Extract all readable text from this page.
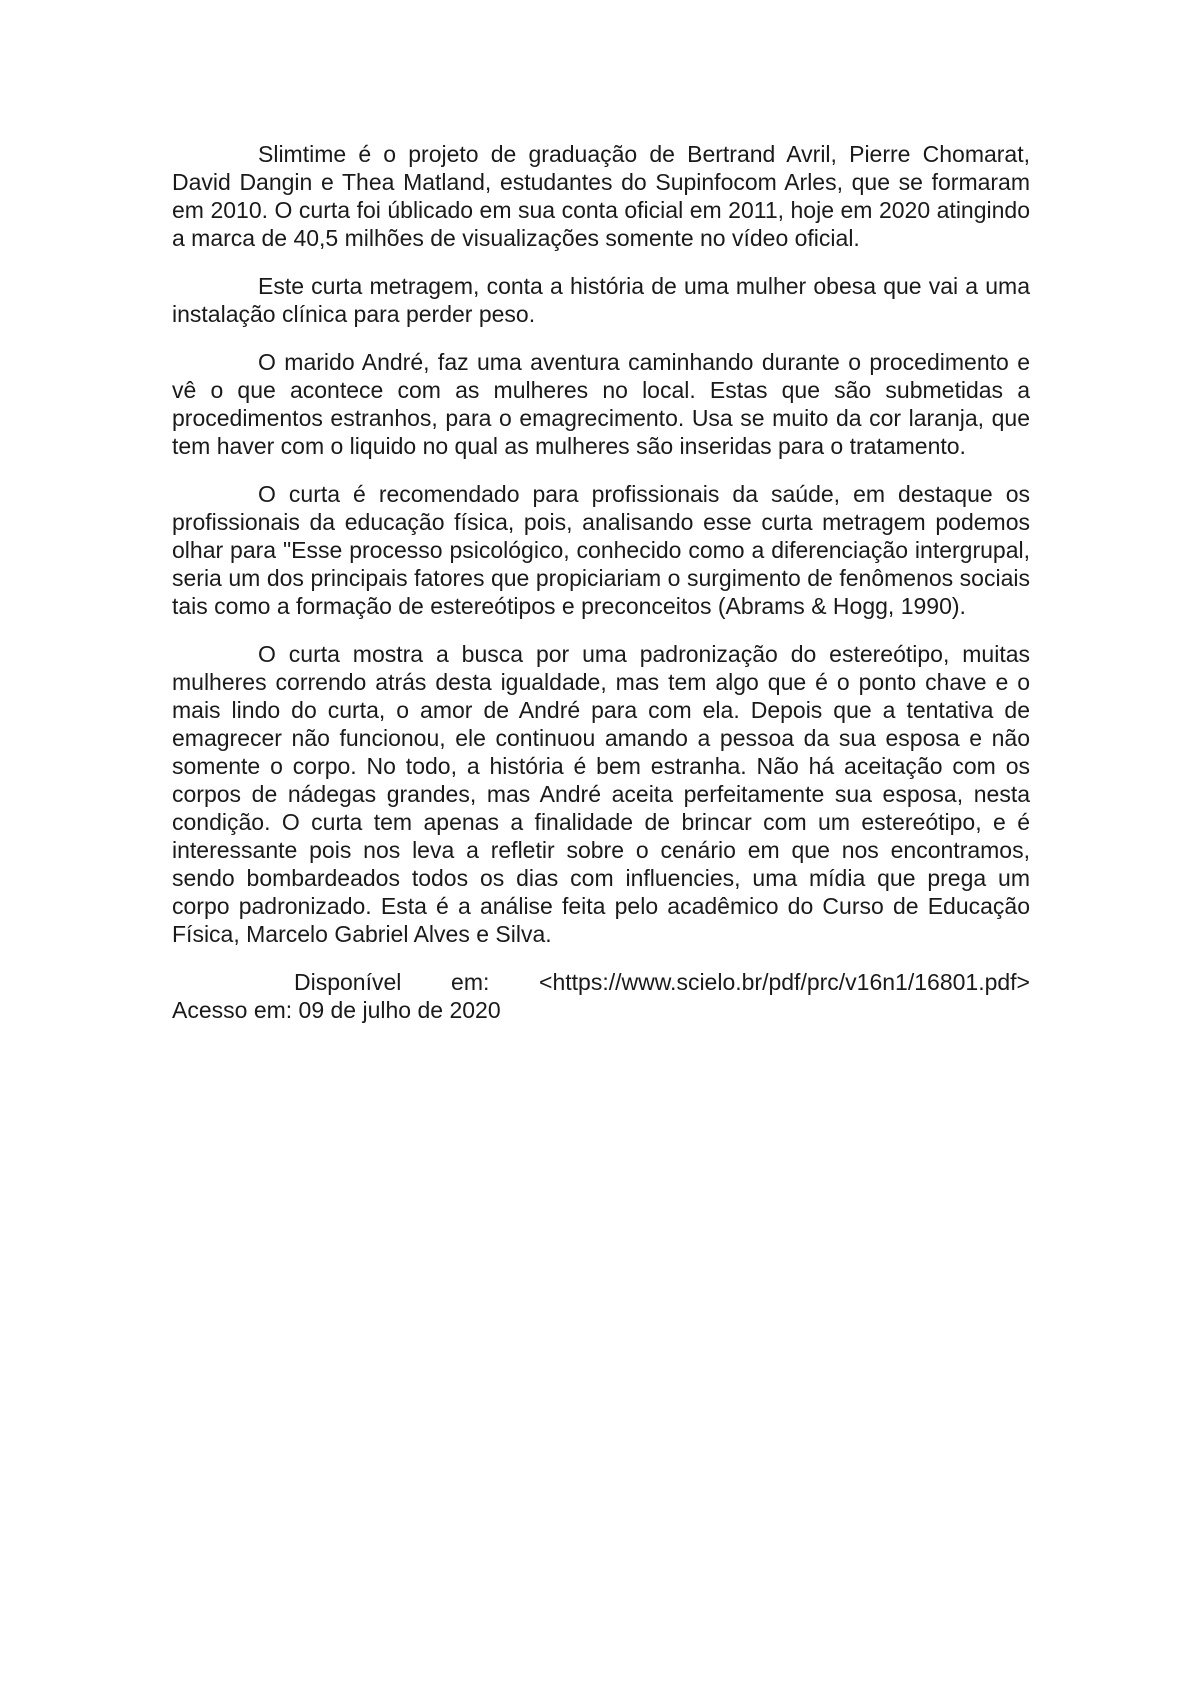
Slimtime é o projeto de graduação de Bertrand Avril, Pierre Chomarat, David Dangin e Thea Matland, estudantes do Supinfocom Arles, que se formaram em 2010. O curta foi úblicado em sua conta oficial em 2011, hoje em 2020 atingindo a marca de 40,5 milhões de visualizações somente no vídeo oficial.

Este curta metragem, conta a história de uma mulher obesa que vai a uma instalação clínica para perder peso.

O marido André, faz uma aventura caminhando durante o procedimento e vê o que acontece com as mulheres no local. Estas que são submetidas a procedimentos estranhos, para o emagrecimento. Usa se muito da cor laranja, que tem haver com o liquido no qual as mulheres são inseridas para o tratamento.

O curta é recomendado para profissionais da saúde, em destaque os profissionais da educação física, pois, analisando esse curta metragem podemos olhar para "Esse processo psicológico, conhecido como a diferenciação intergrupal, seria um dos principais fatores que propiciariam o surgimento de fenômenos sociais tais como a formação de estereótipos e preconceitos (Abrams & Hogg, 1990).

O curta mostra a busca por uma padronização do estereótipo, muitas mulheres correndo atrás desta igualdade, mas tem algo que é o ponto chave e o mais lindo do curta, o amor de André para com ela. Depois que a tentativa de emagrecer não funcionou, ele continuou amando a pessoa da sua esposa e não somente o corpo. No todo, a história é bem estranha. Não há aceitação com os corpos de nádegas grandes, mas André aceita perfeitamente sua esposa, nesta condição. O curta tem apenas a finalidade de brincar com um estereótipo, e é interessante pois nos leva a refletir sobre o cenário em que nos encontramos, sendo bombardeados todos os dias com influencies, uma mídia que prega um corpo padronizado. Esta é a análise feita pelo acadêmico do Curso de Educação Física, Marcelo Gabriel Alves e Silva.

Disponível em: <https://www.scielo.br/pdf/prc/v16n1/16801.pdf>
Acesso em: 09 de julho de 2020
